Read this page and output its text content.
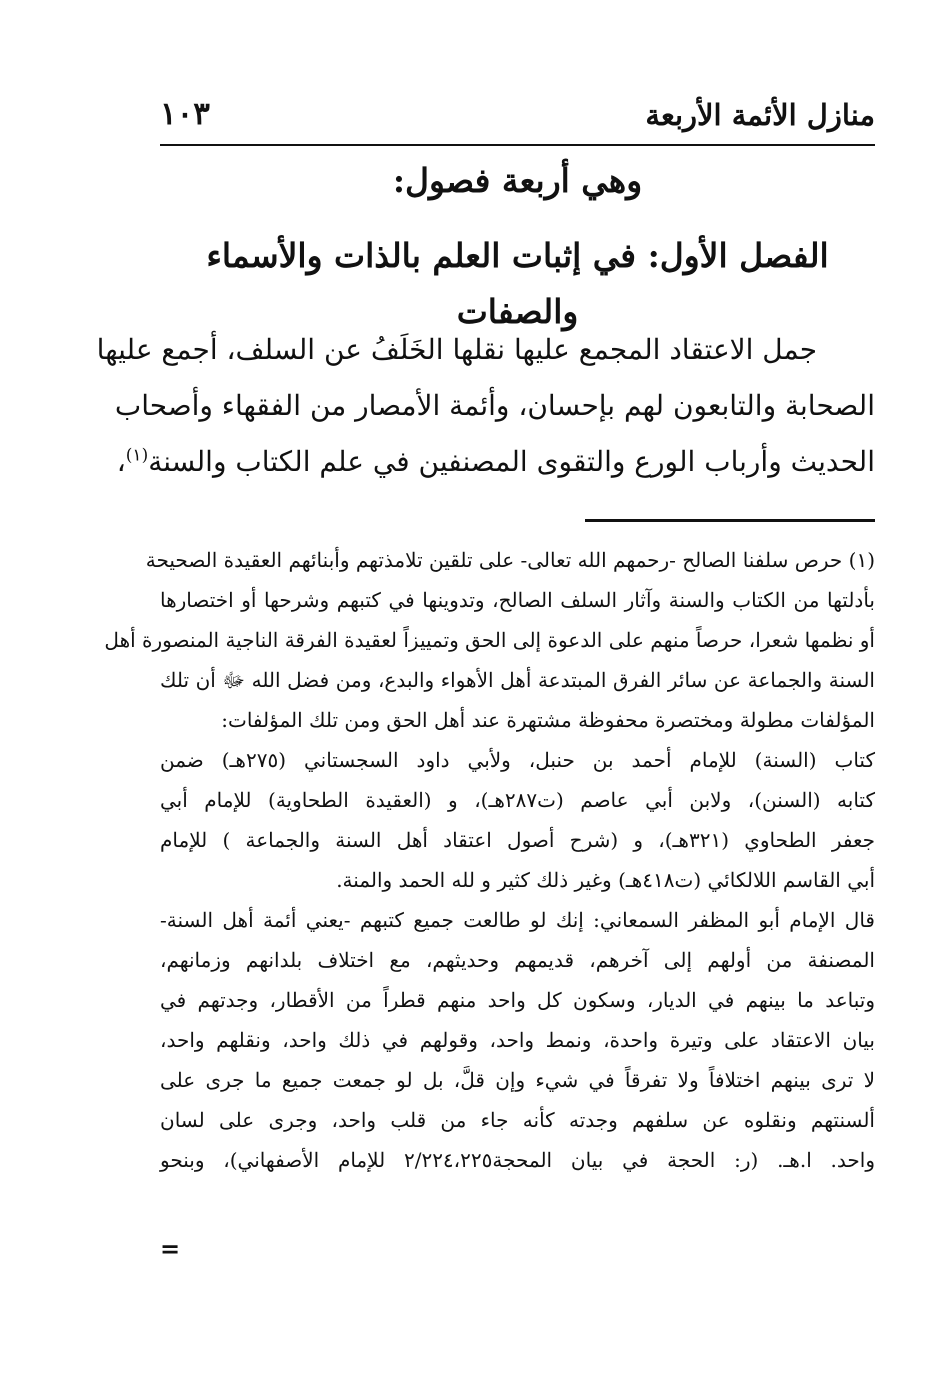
منازل الأئمة الأربعة
١٠٣
وهي أربعة فصول:
الفصل الأول: في إثبات العلم بالذات والأسماء والصفات
جمل الاعتقاد المجمع عليها نقلها الخَلَفُ عن السلف، أجمع عليها
الصحابة والتابعون لهم بإحسان، وأئمة الأمصار من الفقهاء وأصحاب
الحديث وأرباب الورع والتقوى المصنفين في علم الكتاب والسنة$^{(١)}$،
(١) حرص سلفنا الصالح -رحمهم الله تعالى- على تلقين تلامذتهم وأبنائهم العقيدة الصحيحة
بأدلتها من الكتاب والسنة وآثار السلف الصالح، وتدوينها في كتبهم وشرحها أو اختصارها
أو نظمها شعرا، حرصاً منهم على الدعوة إلى الحق وتمييزاً لعقيدة الفرقة الناجية المنصورة أهل
السنة والجماعة عن سائر الفرق المبتدعة أهل الأهواء والبدع، ومن فضل الله ﷻ أن تلك
المؤلفات مطولة ومختصرة محفوظة مشتهرة عند أهل الحق ومن تلك المؤلفات:
كتاب (السنة) للإمام أحمد بن حنبل، ولأبي داود السجستاني (٢٧٥هـ) ضمن
كتابه (السنن)، ولابن أبي عاصم (ت٢٨٧هـ)، و (العقيدة الطحاوية) للإمام أبي
جعفر الطحاوي (٣٢١هـ)، و (شرح أصول اعتقاد أهل السنة والجماعة ) للإمام
أبي القاسم اللالكائي (ت٤١٨هـ) وغير ذلك كثير و لله الحمد والمنة.
قال الإمام أبو المظفر السمعاني: إنك لو طالعت جميع كتبهم -يعني أئمة أهل السنة-
المصنفة من أولهم إلى آخرهم، قديمهم وحديثهم، مع اختلاف بلدانهم وزمانهم،
وتباعد ما بينهم في الديار، وسكون كل واحد منهم قطراً من الأقطار، وجدتهم في
بيان الاعتقاد على وتيرة واحدة، ونمط واحد، وقولهم في ذلك واحد، ونقلهم واحد،
لا ترى بينهم اختلافاً ولا تفرقاً في شيء وإن قلَّ، بل لو جمعت جميع ما جرى على
ألسنتهم ونقلوه عن سلفهم وجدته كأنه جاء من قلب واحد، وجرى على لسان
واحد. ا.هـ. (ر: الحجة في بيان المحجة٢/٢٢٤،٢٢٥ للإمام الأصفهاني)، وبنحو
=
